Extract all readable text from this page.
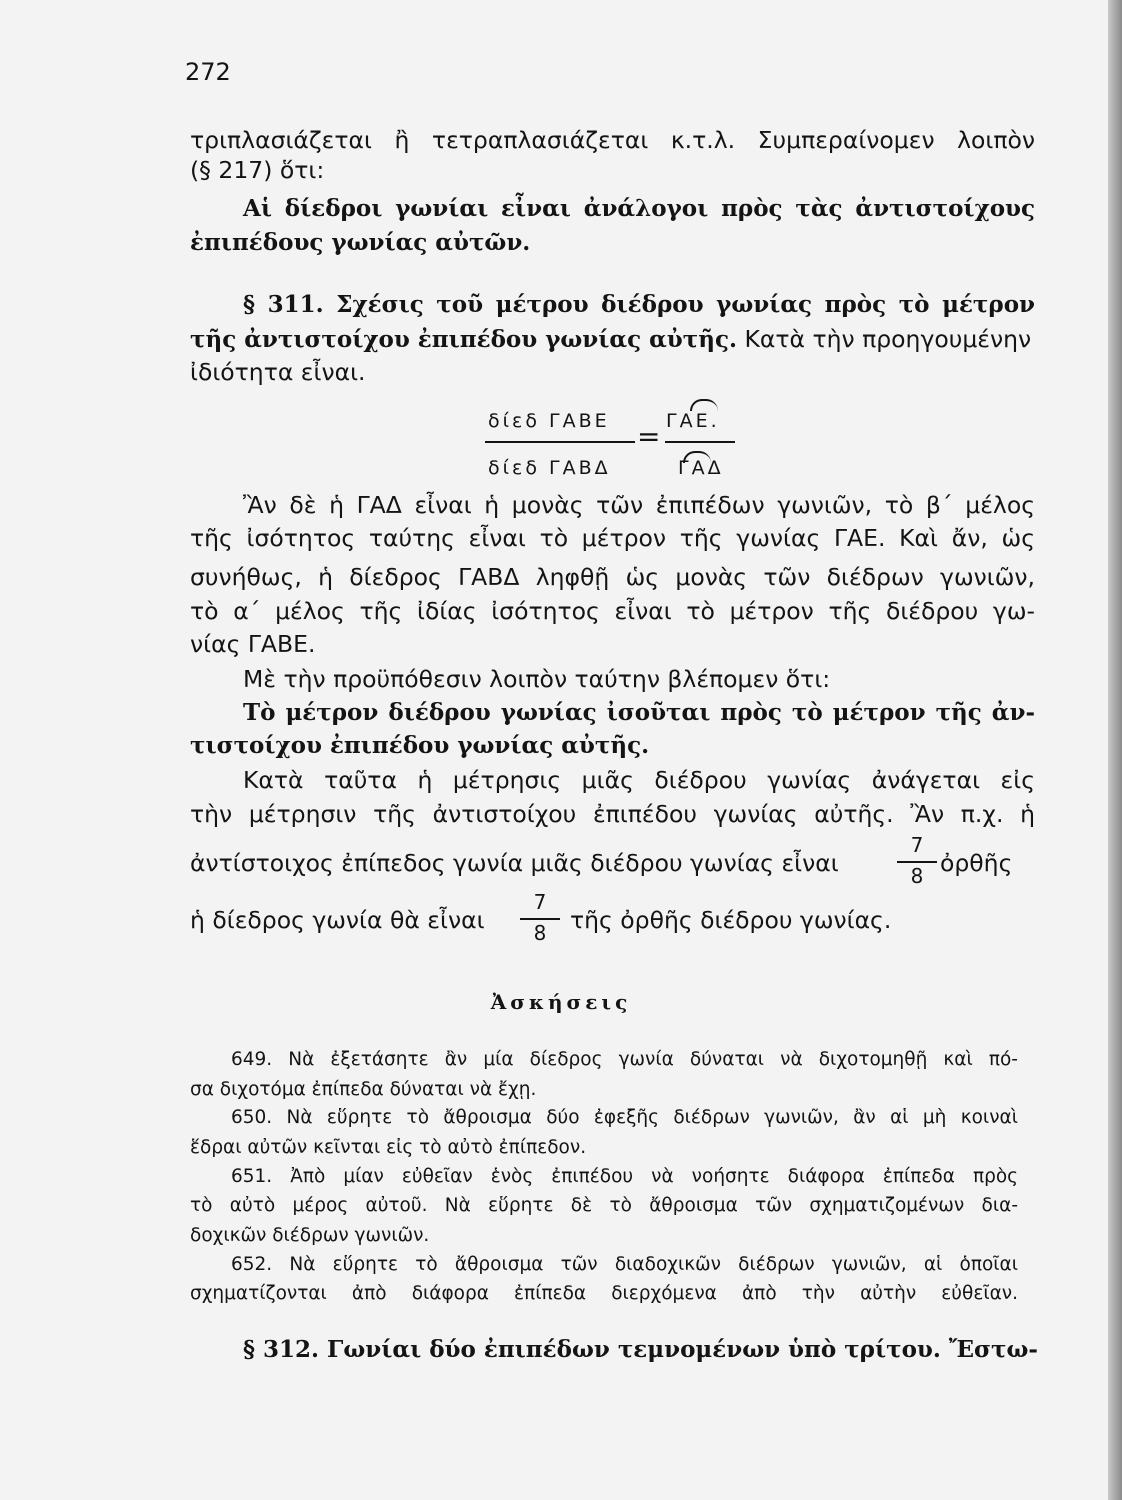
272
τριπλασιάζεται ἢ τετραπλασιάζεται κ.τ.λ. Συμπεραίνομεν λοιπὸν
(§ 217) ὅτι:
Αἱ δίεδροι γωνίαι εἶναι ἀνάλογοι πρὸς τὰς ἀντιστοίχους
ἐπιπέδους γωνίας αὐτῶν.
§ 311. Σχέσις τοῦ μέτρου διέδρου γωνίας πρὸς τὸ μέτρον
τῆς ἀντιστοίχου ἐπιπέδου γωνίας αὐτῆς. Κατὰ τὴν προηγουμένην
ἰδιότητα εἶναι.
δίεδ ΓΑΒΕ	ΓΑΕ.
=
δίεδ ΓΑΒΔ	ΓΑΔ
Ἂν δὲ ἡ ΓΑΔ εἶναι ἡ μονὰς τῶν ἐπιπέδων γωνιῶν, τὸ β΄ μέλος
τῆς ἰσότητος ταύτης εἶναι τὸ μέτρον τῆς γωνίας ΓΑΕ. Καὶ ἄν, ὡς
συνήθως, ἡ δίεδρος ΓΑΒΔ ληφθῇ ὡς μονὰς τῶν διέδρων γωνιῶν,
τὸ α΄ μέλος τῆς ἰδίας ἰσότητος εἶναι τὸ μέτρον τῆς διέδρου γω-
νίας ΓΑΒΕ.
Μὲ τὴν προϋπόθεσιν λοιπὸν ταύτην βλέπομεν ὅτι:
Τὸ μέτρον διέδρου γωνίας ἰσοῦται πρὸς τὸ μέτρον τῆς ἀν-
τιστοίχου ἐπιπέδου γωνίας αὐτῆς.
Κατὰ ταῦτα ἡ μέτρησις μιᾶς διέδρου γωνίας ἀνάγεται εἰς
τὴν μέτρησιν τῆς ἀντιστοίχου ἐπιπέδου γωνίας αὐτῆς. Ἂν π.χ. ἡ
ἀντίστοιχος ἐπίπεδος γωνία μιᾶς διέδρου γωνίας εἶναι
7
8 ὀρθῆς
ἡ δίεδρος γωνία θὰ εἶναι
7
8	τῆς ὀρθῆς διέδρου γωνίας.
Ἀσκήσεις
649. Νὰ ἐξετάσητε ἂν μία δίεδρος γωνία δύναται νὰ διχοτομηθῇ καὶ πό-
σα διχοτόμα ἐπίπεδα δύναται νὰ ἔχῃ.
650. Νὰ εὕρητε τὸ ἄθροισμα δύο ἐφεξῆς διέδρων γωνιῶν, ἂν αἱ μὴ κοιναὶ
ἕδραι αὐτῶν κεῖνται εἰς τὸ αὐτὸ ἐπίπεδον.
651. Ἀπὸ μίαν εὐθεῖαν ἑνὸς ἐπιπέδου νὰ νοήσητε διάφορα ἐπίπεδα πρὸς
τὸ αὐτὸ μέρος αὐτοῦ. Νὰ εὕρητε δὲ τὸ ἄθροισμα τῶν σχηματιζομένων δια-
δοχικῶν διέδρων γωνιῶν.
652. Νὰ εὕρητε τὸ ἄθροισμα τῶν διαδοχικῶν διέδρων γωνιῶν, αἱ ὁποῖαι
σχηματίζονται ἀπὸ διάφορα ἐπίπεδα διερχόμενα ἀπὸ τὴν αὐτὴν εὐθεῖαν.
§ 312. Γωνίαι δύο ἐπιπέδων τεμνομένων ὑπὸ τρίτου. Ἔστω-
